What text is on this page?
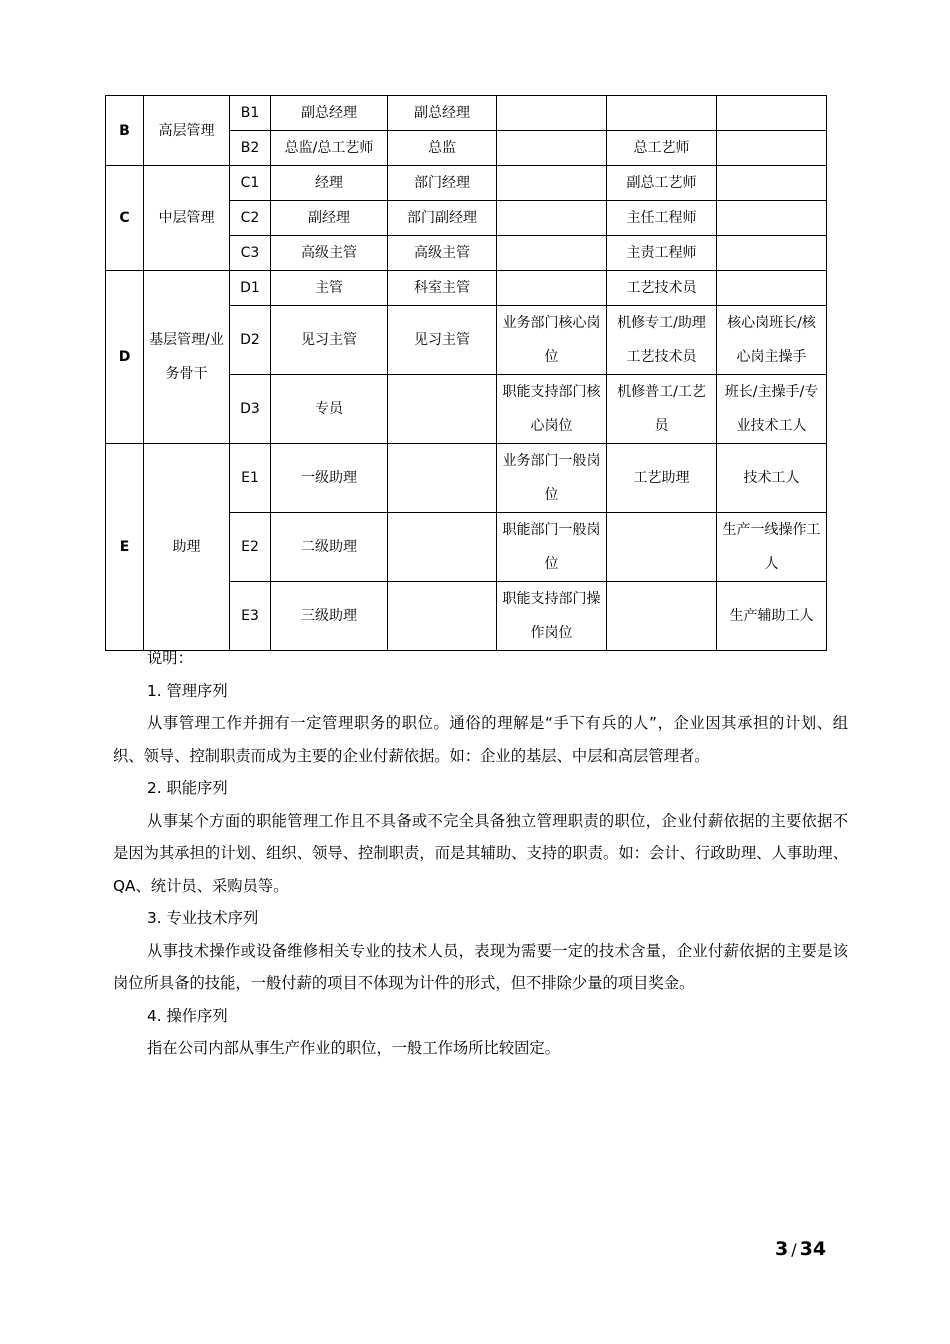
B	高层管理	B1	副总经理	副总经理			
		B2	总监/总工艺师	总监		总工艺师	
C	中层管理	C1	经理	部门经理		副总工艺师	
		C2	副经理	部门副经理		主任工程师	
		C3	高级主管	高级主管		主责工程师	
D	基层管理/业务骨干	D1	主管	科室主管		工艺技术员	
		D2	见习主管	见习主管	业务部门核心岗位	机修专工/助理工艺技术员	核心岗班长/核心岗主操手
		D3	专员		职能支持部门核心岗位	机修普工/工艺员	班长/主操手/专业技术工人
E	助理	E1	一级助理		业务部门一般岗位	工艺助理	技术工人
		E2	二级助理		职能部门一般岗位		生产一线操作工人
		E3	三级助理		职能支持部门操作岗位		生产辅助工人

说明：

1. 管理序列

从事管理工作并拥有一定管理职务的职位。通俗的理解是“手下有兵的人”，企业因其承担的计划、组织、领导、控制职责而成为主要的企业付薪依据。如：企业的基层、中层和高层管理者。

2. 职能序列

从事某个方面的职能管理工作且不具备或不完全具备独立管理职责的职位，企业付薪依据的主要依据不是因为其承担的计划、组织、领导、控制职责，而是其辅助、支持的职责。如：会计、行政助理、人事助理、QA、统计员、采购员等。

3. 专业技术序列

从事技术操作或设备维修相关专业的技术人员，表现为需要一定的技术含量，企业付薪依据的主要是该岗位所具备的技能，一般付薪的项目不体现为计件的形式，但不排除少量的项目奖金。

4. 操作序列

指在公司内部从事生产作业的职位，一般工作场所比较固定。

3 / 34
